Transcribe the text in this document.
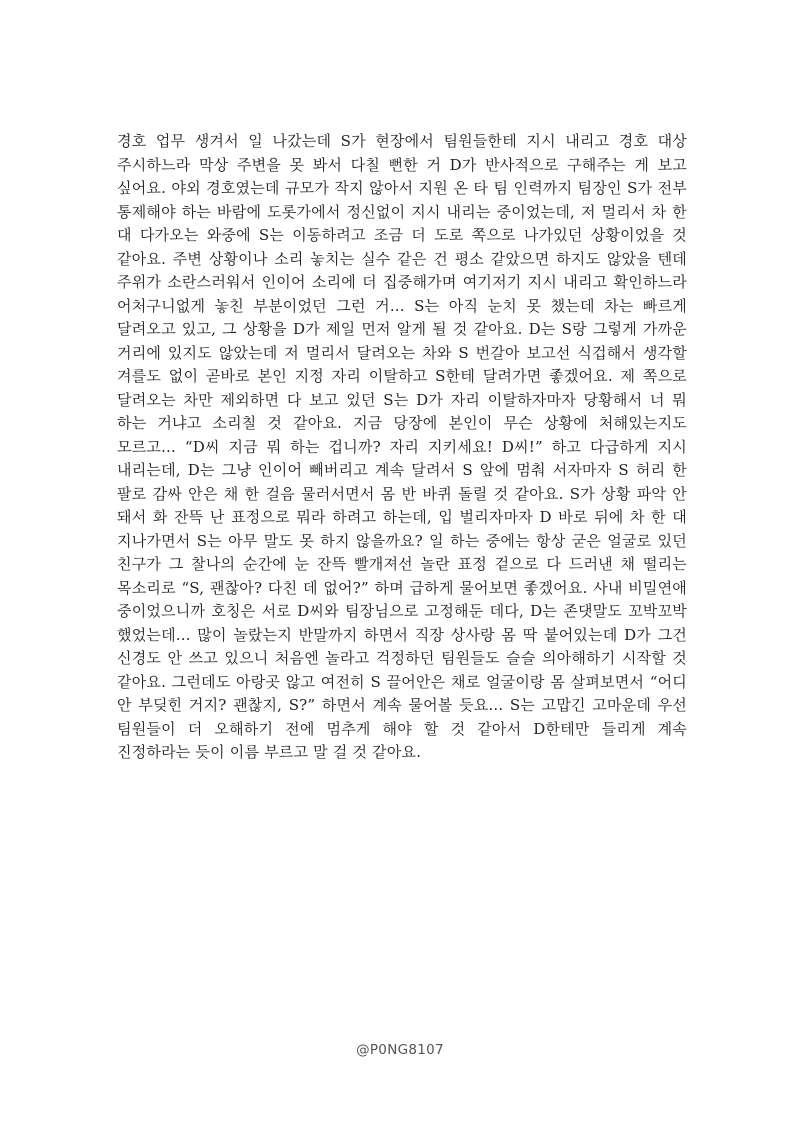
경호 업무 생겨서 일 나갔는데 S가 현장에서 팀원들한테 지시 내리고 경호 대상 주시하느라 막상 주변을 못 봐서 다칠 뻔한 거 D가 반사적으로 구해주는 게 보고 싶어요. 야외 경호였는데 규모가 작지 않아서 지원 온 타 팀 인력까지 팀장인 S가 전부 통제해야 하는 바람에 도롯가에서 정신없이 지시 내리는 중이었는데, 저 멀리서 차 한 대 다가오는 와중에 S는 이동하려고 조금 더 도로 쪽으로 나가있던 상황이었을 것 같아요. 주변 상황이나 소리 놓치는 실수 같은 건 평소 같았으면 하지도 않았을 텐데 주위가 소란스러워서 인이어 소리에 더 집중해가며 여기저기 지시 내리고 확인하느라 어처구니없게 놓친 부분이었던 그런 거... S는 아직 눈치 못 챘는데 차는 빠르게 달려오고 있고, 그 상황을 D가 제일 먼저 알게 될 것 같아요. D는 S랑 그렇게 가까운 거리에 있지도 않았는데 저 멀리서 달려오는 차와 S 번갈아 보고선 식겁해서 생각할 겨를도 없이 곧바로 본인 지정 자리 이탈하고 S한테 달려가면 좋겠어요. 제 쪽으로 달려오는 차만 제외하면 다 보고 있던 S는 D가 자리 이탈하자마자 당황해서 너 뭐 하는 거냐고 소리칠 것 같아요. 지금 당장에 본인이 무슨 상황에 처해있는지도 모르고... “D씨 지금 뭐 하는 겁니까? 자리 지키세요! D씨!” 하고 다급하게 지시 내리는데, D는 그냥 인이어 빼버리고 계속 달려서 S 앞에 멈춰 서자마자 S 허리 한 팔로 감싸 안은 채 한 걸음 물러서면서 몸 반 바퀴 돌릴 것 같아요. S가 상황 파악 안 돼서 화 잔뜩 난 표정으로 뭐라 하려고 하는데, 입 벌리자마자 D 바로 뒤에 차 한 대 지나가면서 S는 아무 말도 못 하지 않을까요? 일 하는 중에는 항상 굳은 얼굴로 있던 친구가 그 찰나의 순간에 눈 잔뜩 빨개져선 놀란 표정 겉으로 다 드러낸 채 떨리는 목소리로 “S, 괜찮아? 다친 데 없어?” 하며 급하게 물어보면 좋겠어요. 사내 비밀연애 중이었으니까 호칭은 서로 D씨와 팀장님으로 고정해둔 데다, D는 존댓말도 꼬박꼬박 했었는데... 많이 놀랐는지 반말까지 하면서 직장 상사랑 몸 딱 붙어있는데 D가 그건 신경도 안 쓰고 있으니 처음엔 놀라고 걱정하던 팀원들도 슬슬 의아해하기 시작할 것 같아요. 그런데도 아랑곳 않고 여전히 S 끌어안은 채로 얼굴이랑 몸 살펴보면서 “어디 안 부딪힌 거지? 괜찮지, S?” 하면서 계속 물어볼 듯요... S는 고맙긴 고마운데 우선 팀원들이 더 오해하기 전에 멈추게 해야 할 것 같아서 D한테만 들리게 계속 진정하라는 듯이 이름 부르고 말 걸 것 같아요.

@P0NG8107
